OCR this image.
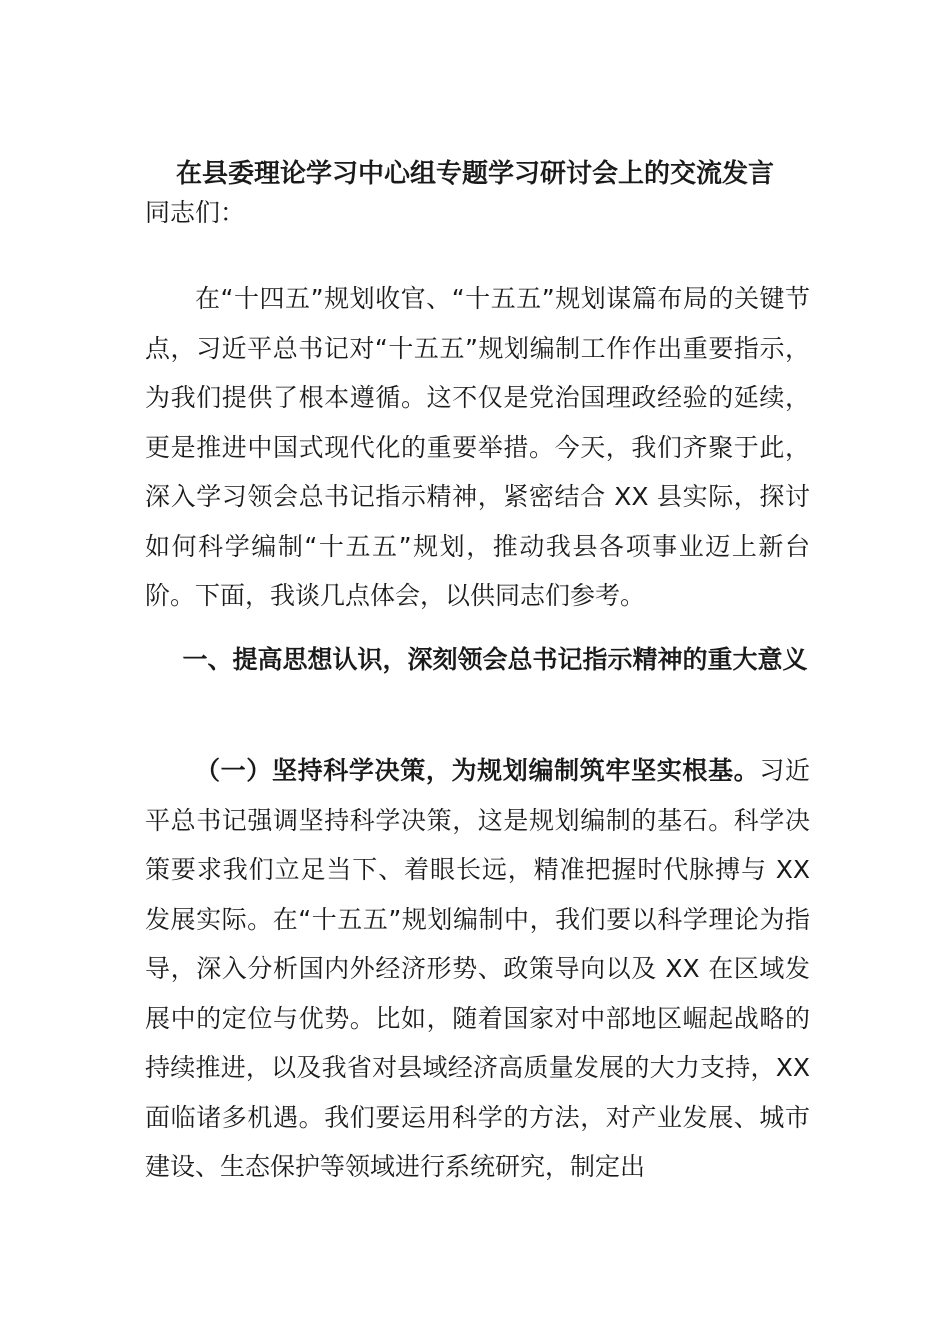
在县委理论学习中心组专题学习研讨会上的交流发言

同志们：

在“十四五”规划收官、“十五五”规划谋篇布局的关键节点，习近平总书记对“十五五”规划编制工作作出重要指示，为我们提供了根本遵循。这不仅是党治国理政经验的延续，更是推进中国式现代化的重要举措。今天，我们齐聚于此，深入学习领会总书记指示精神，紧密结合 XX 县实际，探讨如何科学编制“十五五”规划，推动我县各项事业迈上新台阶。下面，我谈几点体会，以供同志们参考。

一、提高思想认识，深刻领会总书记指示精神的重大意义

（一）坚持科学决策，为规划编制筑牢坚实根基。习近平总书记强调坚持科学决策，这是规划编制的基石。科学决策要求我们立足当下、着眼长远，精准把握时代脉搏与 XX 发展实际。在“十五五”规划编制中，我们要以科学理论为指导，深入分析国内外经济形势、政策导向以及 XX 在区域发展中的定位与优势。比如，随着国家对中部地区崛起战略的持续推进，以及我省对县域经济高质量发展的大力支持，XX 面临诸多机遇。我们要运用科学的方法，对产业发展、城市建设、生态保护等领域进行系统研究，制定出
